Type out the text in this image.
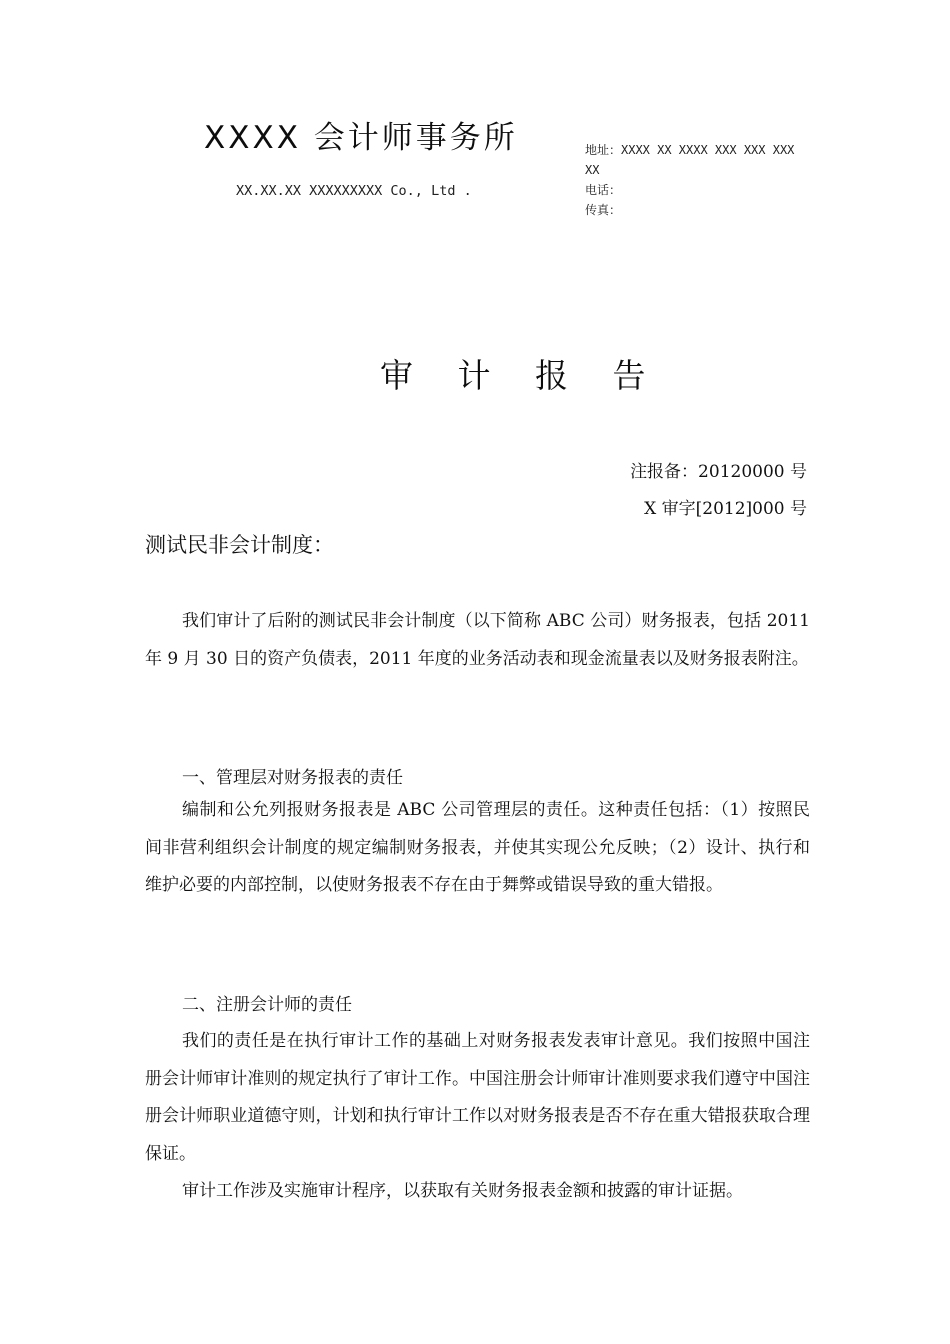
XXXX 会计师事务所
XX.XX.XX XXXXXXXXX Co., Ltd .
地址：XXXX XX XXXX XXX XXX XXX
XX
电话：
传真：
审 计 报 告
注报备：20120000 号
X 审字[2012]000 号
测试民非会计制度：
我们审计了后附的测试民非会计制度（以下简称 ABC 公司）财务报表，包括 2011 年 9 月 30 日的资产负债表，2011 年度的业务活动表和现金流量表以及财务报表附注。
一、管理层对财务报表的责任
编制和公允列报财务报表是 ABC 公司管理层的责任。这种责任包括：（1）按照民间非营利组织会计制度的规定编制财务报表，并使其实现公允反映；（2）设计、执行和维护必要的内部控制，以使财务报表不存在由于舞弊或错误导致的重大错报。
二、注册会计师的责任
我们的责任是在执行审计工作的基础上对财务报表发表审计意见。我们按照中国注册会计师审计准则的规定执行了审计工作。中国注册会计师审计准则要求我们遵守中国注册会计师职业道德守则，计划和执行审计工作以对财务报表是否不存在重大错报获取合理保证。
审计工作涉及实施审计程序，以获取有关财务报表金额和披露的审计证据。
